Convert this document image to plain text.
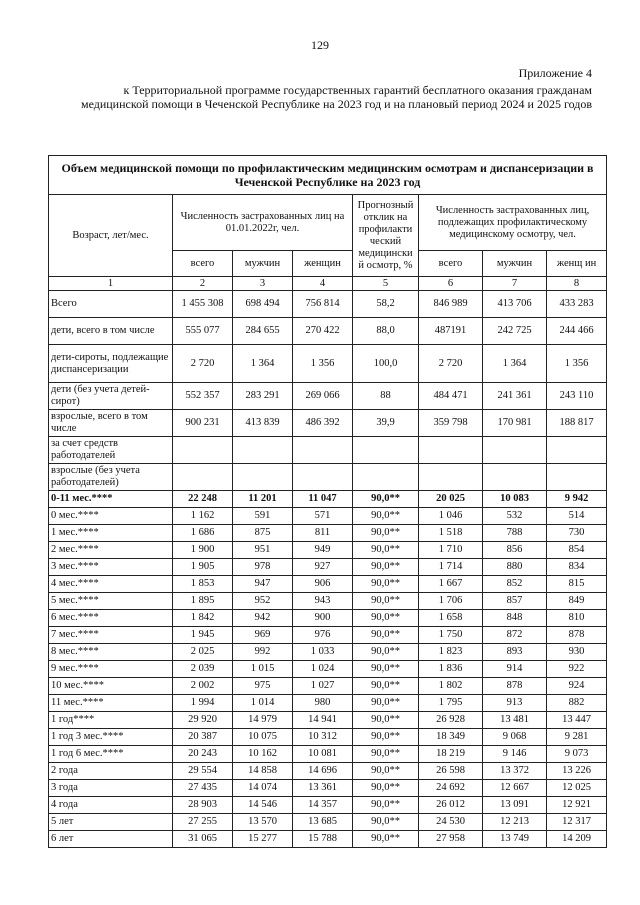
129
Приложение 4
к Территориальной программе государственных гарантий бесплатного оказания гражданам медицинской помощи в Чеченской Республике на 2023 год и на плановый период 2024 и 2025 годов
Объем медицинской помощи по профилактическим медицинским осмотрам и диспансеризации в Чеченской Республике на 2023 год							
Возраст, лет/мес.	Численность застрахованных лиц на 01.01.2022г, чел.			Прогнозный отклик на профилакти ческий медицински й осмотр, %	Численность застрахованных лиц, подлежащих профилактическому медицинскому осмотру, чел.		
	всего	мужчин	женщин		всего	мужчин	женщ ин
1	2	3	4	5	6	7	8
Всего	1 455 308	698 494	756 814	58,2	846 989	413 706	433 283
дети, всего в том числе	555 077	284 655	270 422	88,0	487191	242 725	244 466
дети-сироты, подлежащие диспансеризации	2 720	1 364	1 356	100,0	2 720	1 364	1 356
дети (без учета детей-сирот)	552 357	283 291	269 066	88	484 471	241 361	243 110
взрослые, всего в том числе	900 231	413 839	486 392	39,9	359 798	170 981	188 817
за счет средств работодателей							
взрослые (без учета работодателей)							
0-11 мес.****	22 248	11 201	11 047	90,0**	20 025	10 083	9 942
0 мес.****	1 162	591	571	90,0**	1 046	532	514
1 мес.****	1 686	875	811	90,0**	1 518	788	730
2 мес.****	1 900	951	949	90,0**	1 710	856	854
3 мес.****	1 905	978	927	90,0**	1 714	880	834
4 мес.****	1 853	947	906	90,0**	1 667	852	815
5 мес.****	1 895	952	943	90,0**	1 706	857	849
6 мес.****	1 842	942	900	90,0**	1 658	848	810
7 мес.****	1 945	969	976	90,0**	1 750	872	878
8 мес.****	2 025	992	1 033	90,0**	1 823	893	930
9 мес.****	2 039	1 015	1 024	90,0**	1 836	914	922
10 мес.****	2 002	975	1 027	90,0**	1 802	878	924
11 мес.****	1 994	1 014	980	90,0**	1 795	913	882
1 год****	29 920	14 979	14 941	90,0**	26 928	13 481	13 447
1 год 3 мес.****	20 387	10 075	10 312	90,0**	18 349	9 068	9 281
1 год 6 мес.****	20 243	10 162	10 081	90,0**	18 219	9 146	9 073
2 года	29 554	14 858	14 696	90,0**	26 598	13 372	13 226
3 года	27 435	14 074	13 361	90,0**	24 692	12 667	12 025
4 года	28 903	14 546	14 357	90,0**	26 012	13 091	12 921
5 лет	27 255	13 570	13 685	90,0**	24 530	12 213	12 317
6 лет	31 065	15 277	15 788	90,0**	27 958	13 749	14 209
